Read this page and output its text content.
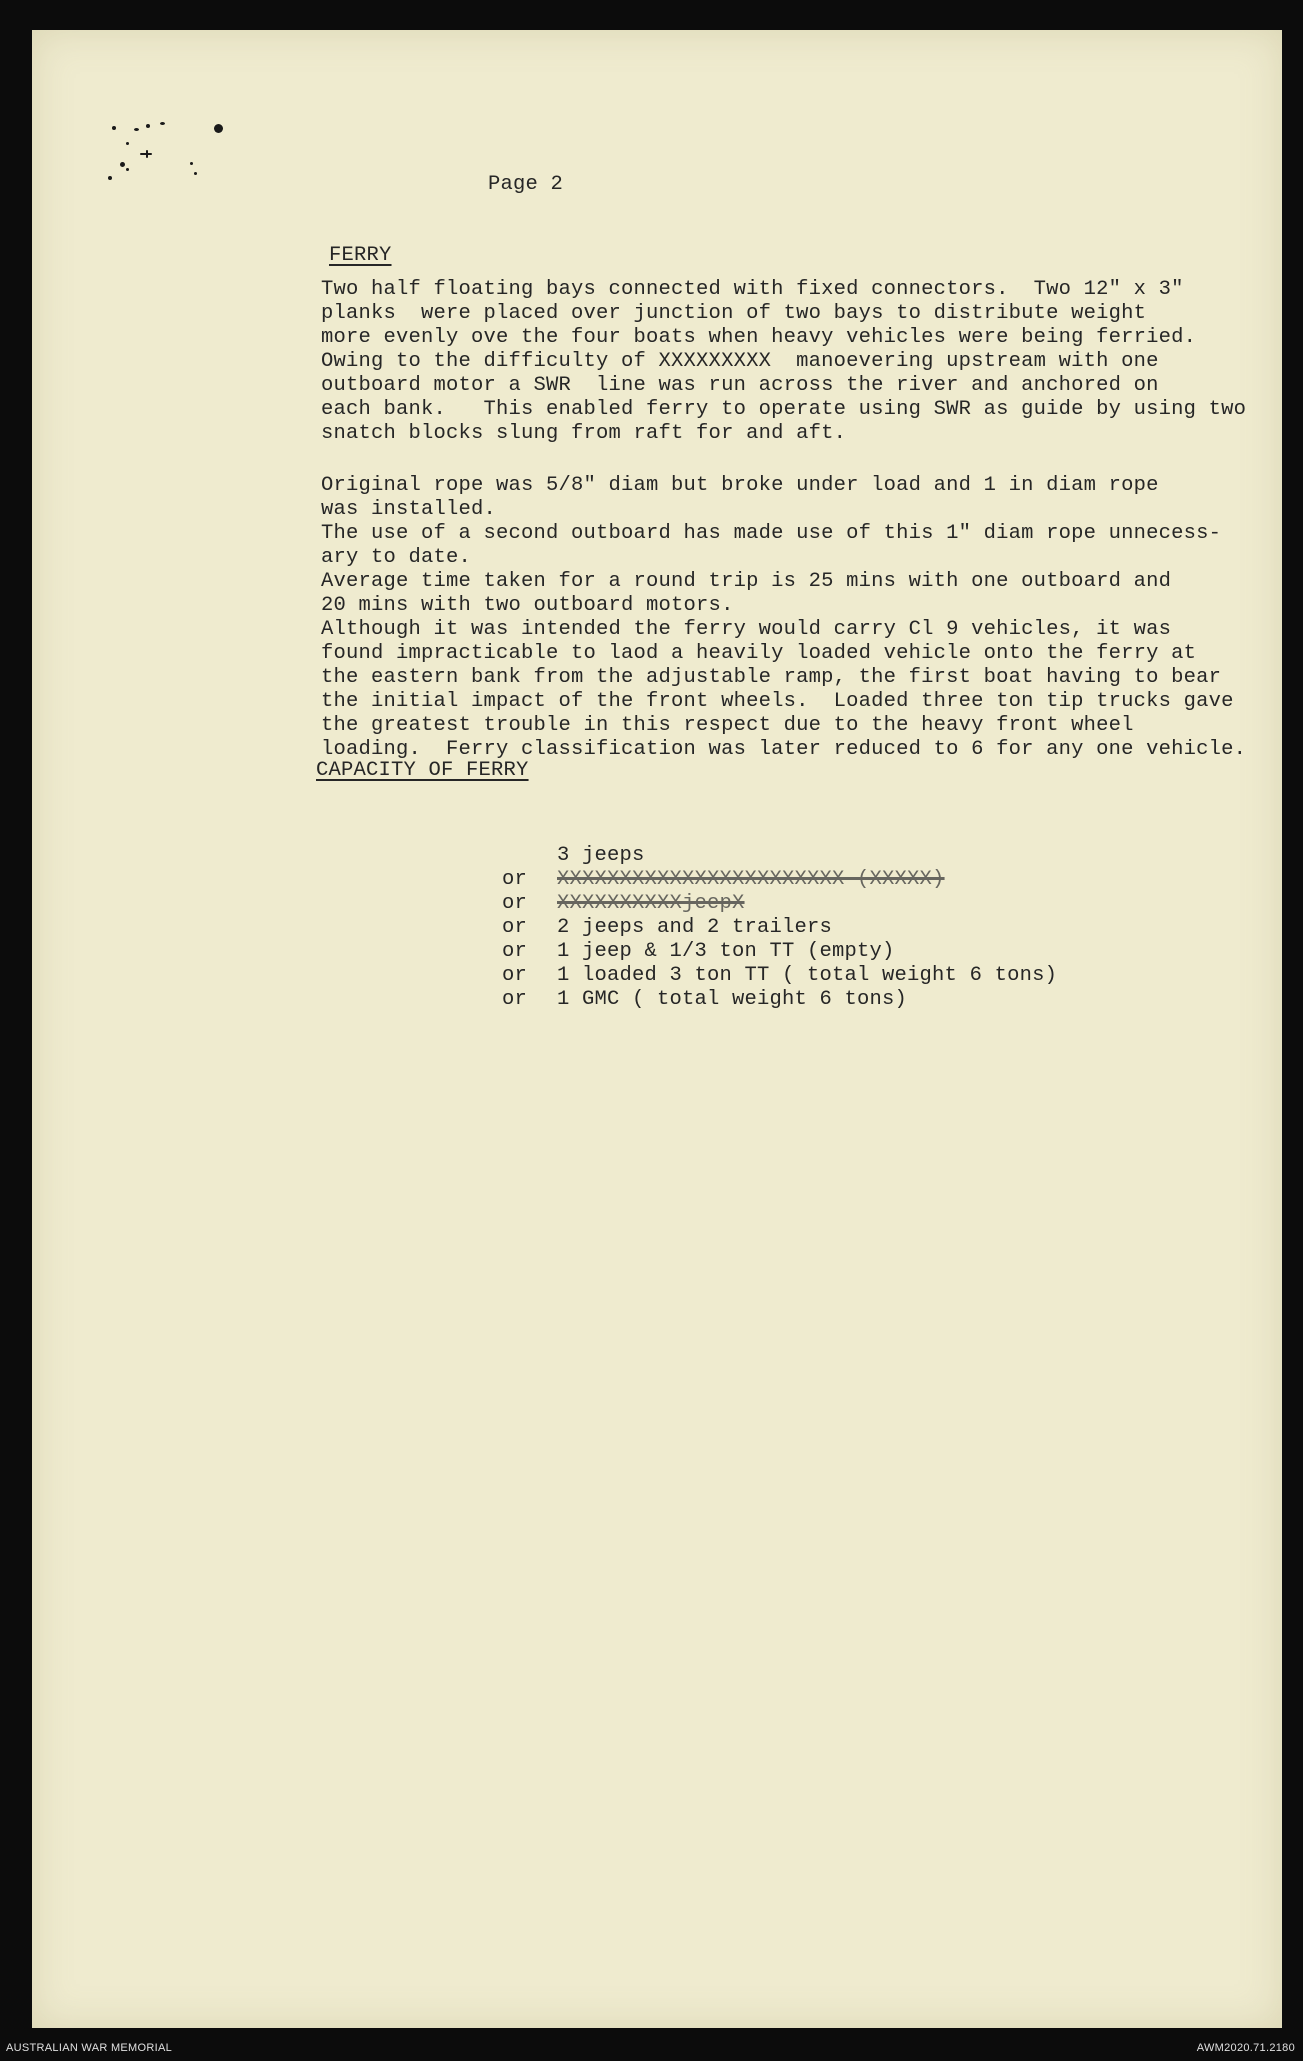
Page 2
FERRY

Two half floating bays connected with fixed connectors.  Two 12" x 3"
planks  were placed over junction of two bays to distribute weight
more evenly ove the four boats when heavy vehicles were being ferried.
Owing to the difficulty of XXXXXXXXX  manoevering upstream with one
outboard motor a SWR  line was run across the river and anchored on
each bank.   This enabled ferry to operate using SWR as guide by using two
snatch blocks slung from raft for and aft.

Original rope was 5/8" diam but broke under load and 1 in diam rope
was installed.

The use of a second outboard has made use of this 1" diam rope unnecess-
ary to date.

Average time taken for a round trip is 25 mins with one outboard and
20 mins with two outboard motors.

Although it was intended the ferry would carry Cl 9 vehicles, it was
found impracticable to laod a heavily loaded vehicle onto the ferry at
the eastern bank from the adjustable ramp, the first boat having to bear
the initial impact of the front wheels.  Loaded three ton tip trucks gave
the greatest trouble in this respect due to the heavy front wheel
loading.  Ferry classification was later reduced to 6 for any one vehicle.

CAPACITY OF FERRY
3 jeeps
or	XXXXXXXXXXXXXXXXXXXXXXX (XXXXX)
or	XXXXXXXXXXjeepX
or	2 jeeps and 2 trailers
or	1 jeep & 1/3 ton TT (empty)
or	1 loaded 3 ton TT ( total weight 6 tons)
or	1 GMC ( total weight 6 tons)
AUSTRALIAN WAR MEMORIAL	AWM2020.71.2180
